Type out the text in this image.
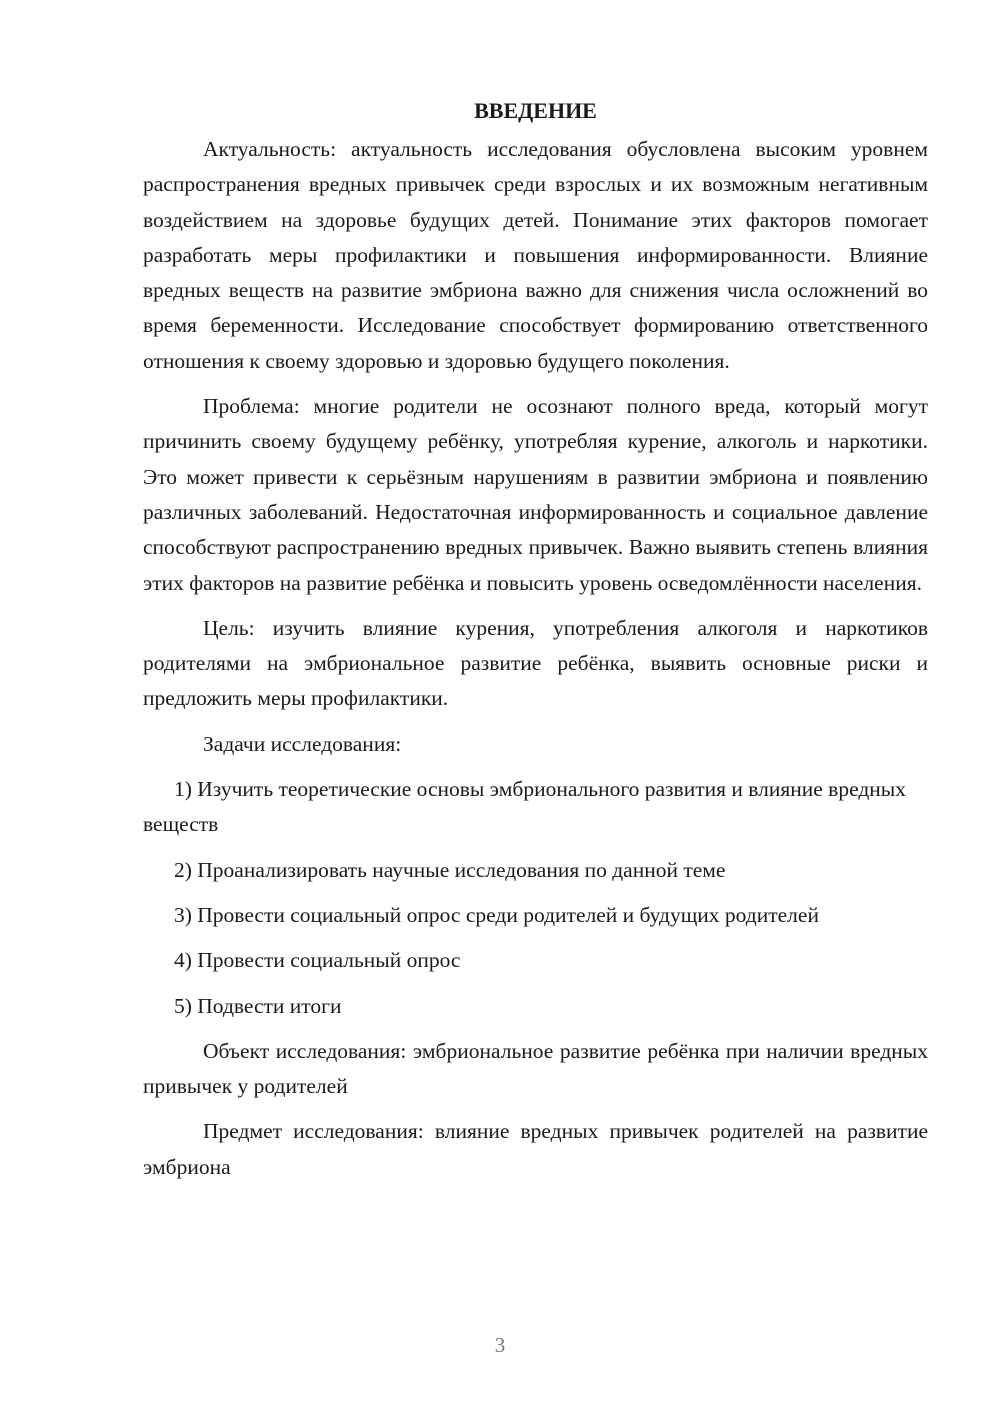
ВВЕДЕНИЕ

Актуальность: актуальность исследования обусловлена высоким уровнем распространения вредных привычек среди взрослых и их возможным негативным воздействием на здоровье будущих детей. Понимание этих факторов помогает разработать меры профилактики и повышения информированности. Влияние вредных веществ на развитие эмбриона важно для снижения числа осложнений во время беременности. Исследование способствует формированию ответственного отношения к своему здоровью и здоровью будущего поколения.

Проблема: многие родители не осознают полного вреда, который могут причинить своему будущему ребёнку, употребляя курение, алкоголь и наркотики. Это может привести к серьёзным нарушениям в развитии эмбриона и появлению различных заболеваний. Недостаточная информированность и социальное давление способствуют распространению вредных привычек. Важно выявить степень влияния этих факторов на развитие ребёнка и повысить уровень осведомлённости населения.

Цель: изучить влияние курения, употребления алкоголя и наркотиков родителями на эмбриональное развитие ребёнка, выявить основные риски и предложить меры профилактики.

Задачи исследования:

1) Изучить теоретические основы эмбрионального развития и влияние вредных веществ

2) Проанализировать научные исследования по данной теме

3) Провести социальный опрос среди родителей и будущих родителей

4) Провести социальный опрос

5) Подвести итоги

Объект исследования: эмбриональное развитие ребёнка при наличии вредных привычек у родителей

Предмет исследования: влияние вредных привычек родителей на развитие эмбриона

3
